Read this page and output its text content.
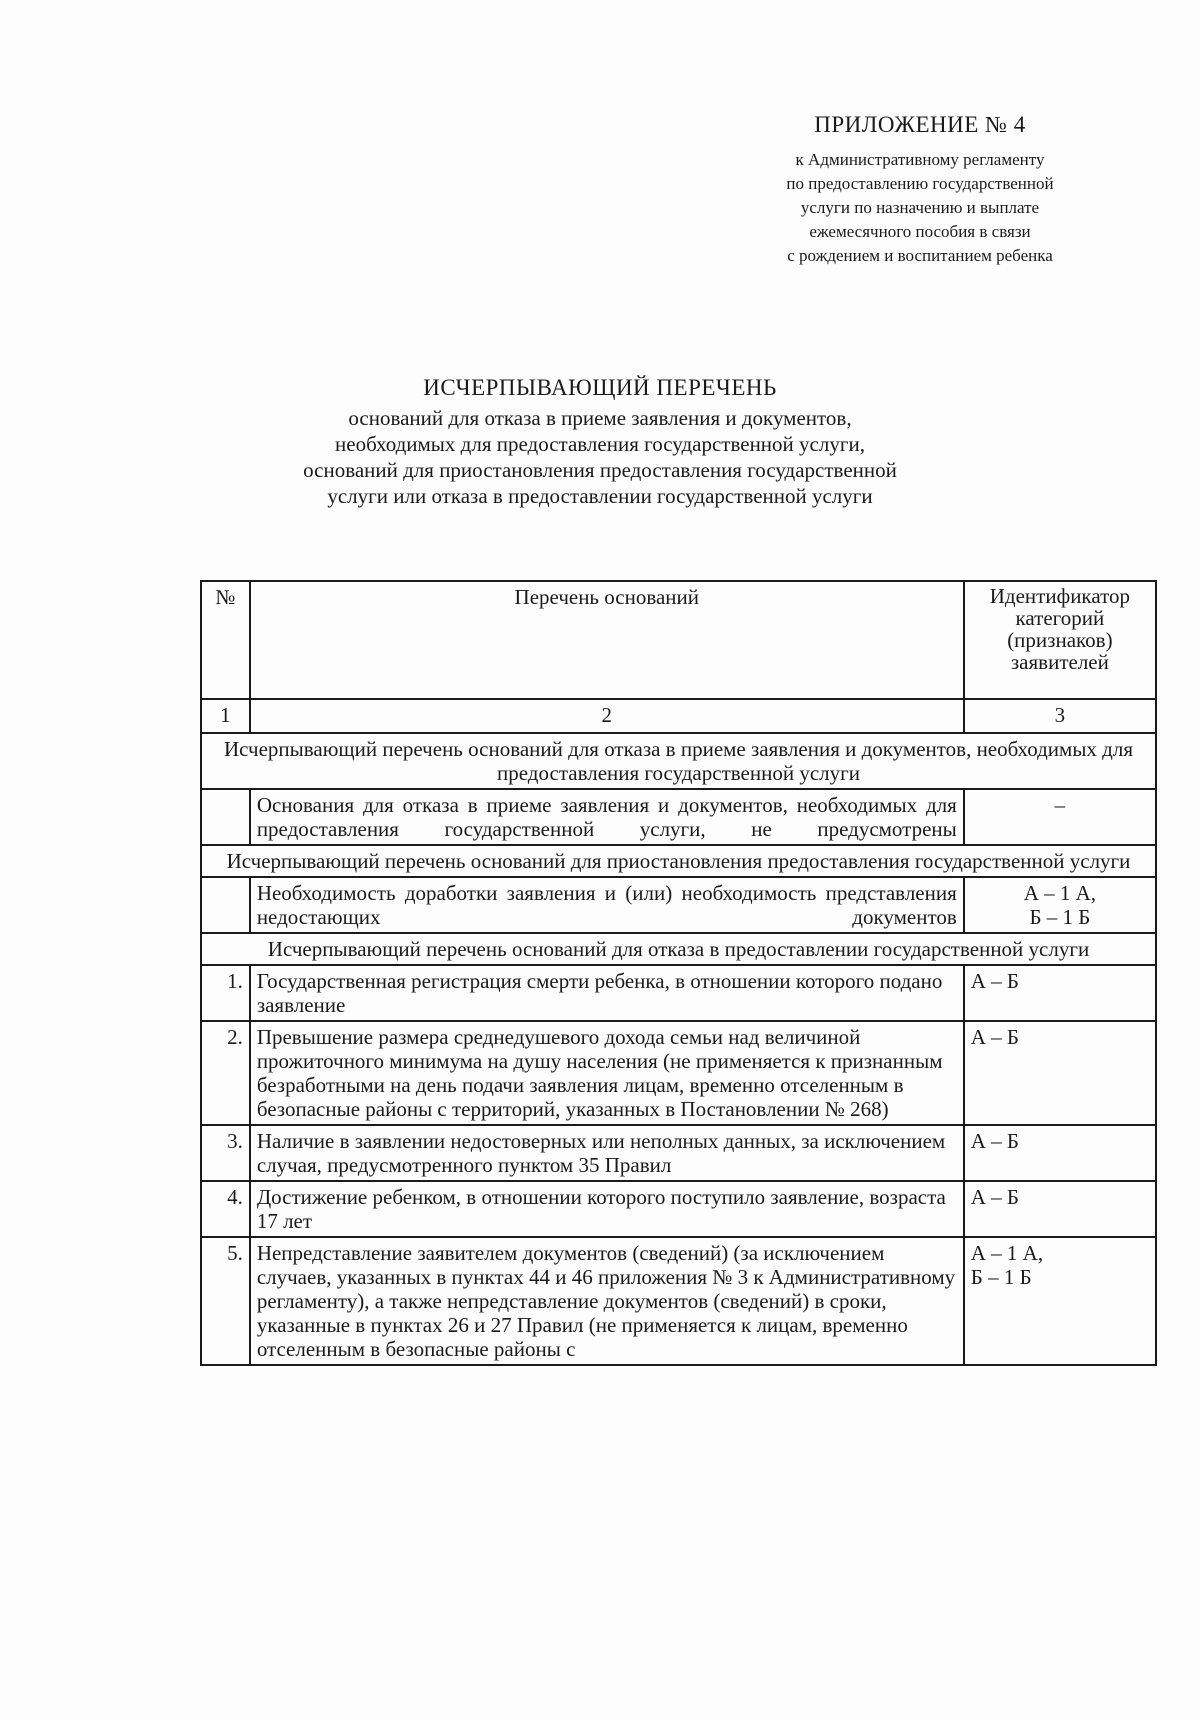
ПРИЛОЖЕНИЕ № 4
к Административному регламенту
по предоставлению государственной
услуги по назначению и выплате
ежемесячного пособия в связи
с рождением и воспитанием ребенка
ИСЧЕРПЫВАЮЩИЙ ПЕРЕЧЕНЬ
оснований для отказа в приеме заявления и документов,
необходимых для предоставления государственной услуги,
оснований для приостановления предоставления государственной
услуги или отказа в предоставлении государственной услуги
№	Перечень оснований	Идентификатор категорий (признаков) заявителей
1	2	3
Исчерпывающий перечень оснований для отказа в приеме заявления и документов, необходимых для предоставления государственной услуги		
	Основания для отказа в приеме заявления и документов, необходимых для предоставления государственной услуги, не предусмотрены	–
Исчерпывающий перечень оснований для приостановления предоставления государственной услуги		
	Необходимость доработки заявления и (или) необходимость представления недостающих документов	А – 1 А,
Б – 1 Б

Исчерпывающий перечень оснований для отказа в предоставлении государственной услуги		
1.	Государственная регистрация смерти ребенка, в отношении которого подано заявление	А – Б
2.	Превышение размера среднедушевого дохода семьи над величиной прожиточного минимума на душу населения (не применяется к признанным безработными на день подачи заявления лицам, временно отселенным в безопасные районы с территорий, указанных в Постановлении № 268)	А – Б
3.	Наличие в заявлении недостоверных или неполных данных, за исключением случая, предусмотренного пунктом 35 Правил	А – Б
4.	Достижение ребенком, в отношении которого поступило заявление, возраста 17 лет	А – Б
5.	Непредставление заявителем документов (сведений) (за исключением случаев, указанных в пунктах 44 и 46 приложения № 3 к Административному регламенту), а также непредставление документов (сведений) в сроки, указанные в пунктах 26 и 27 Правил (не применяется к лицам, временно отселенным в безопасные районы с	А – 1 А,
Б – 1 Б
